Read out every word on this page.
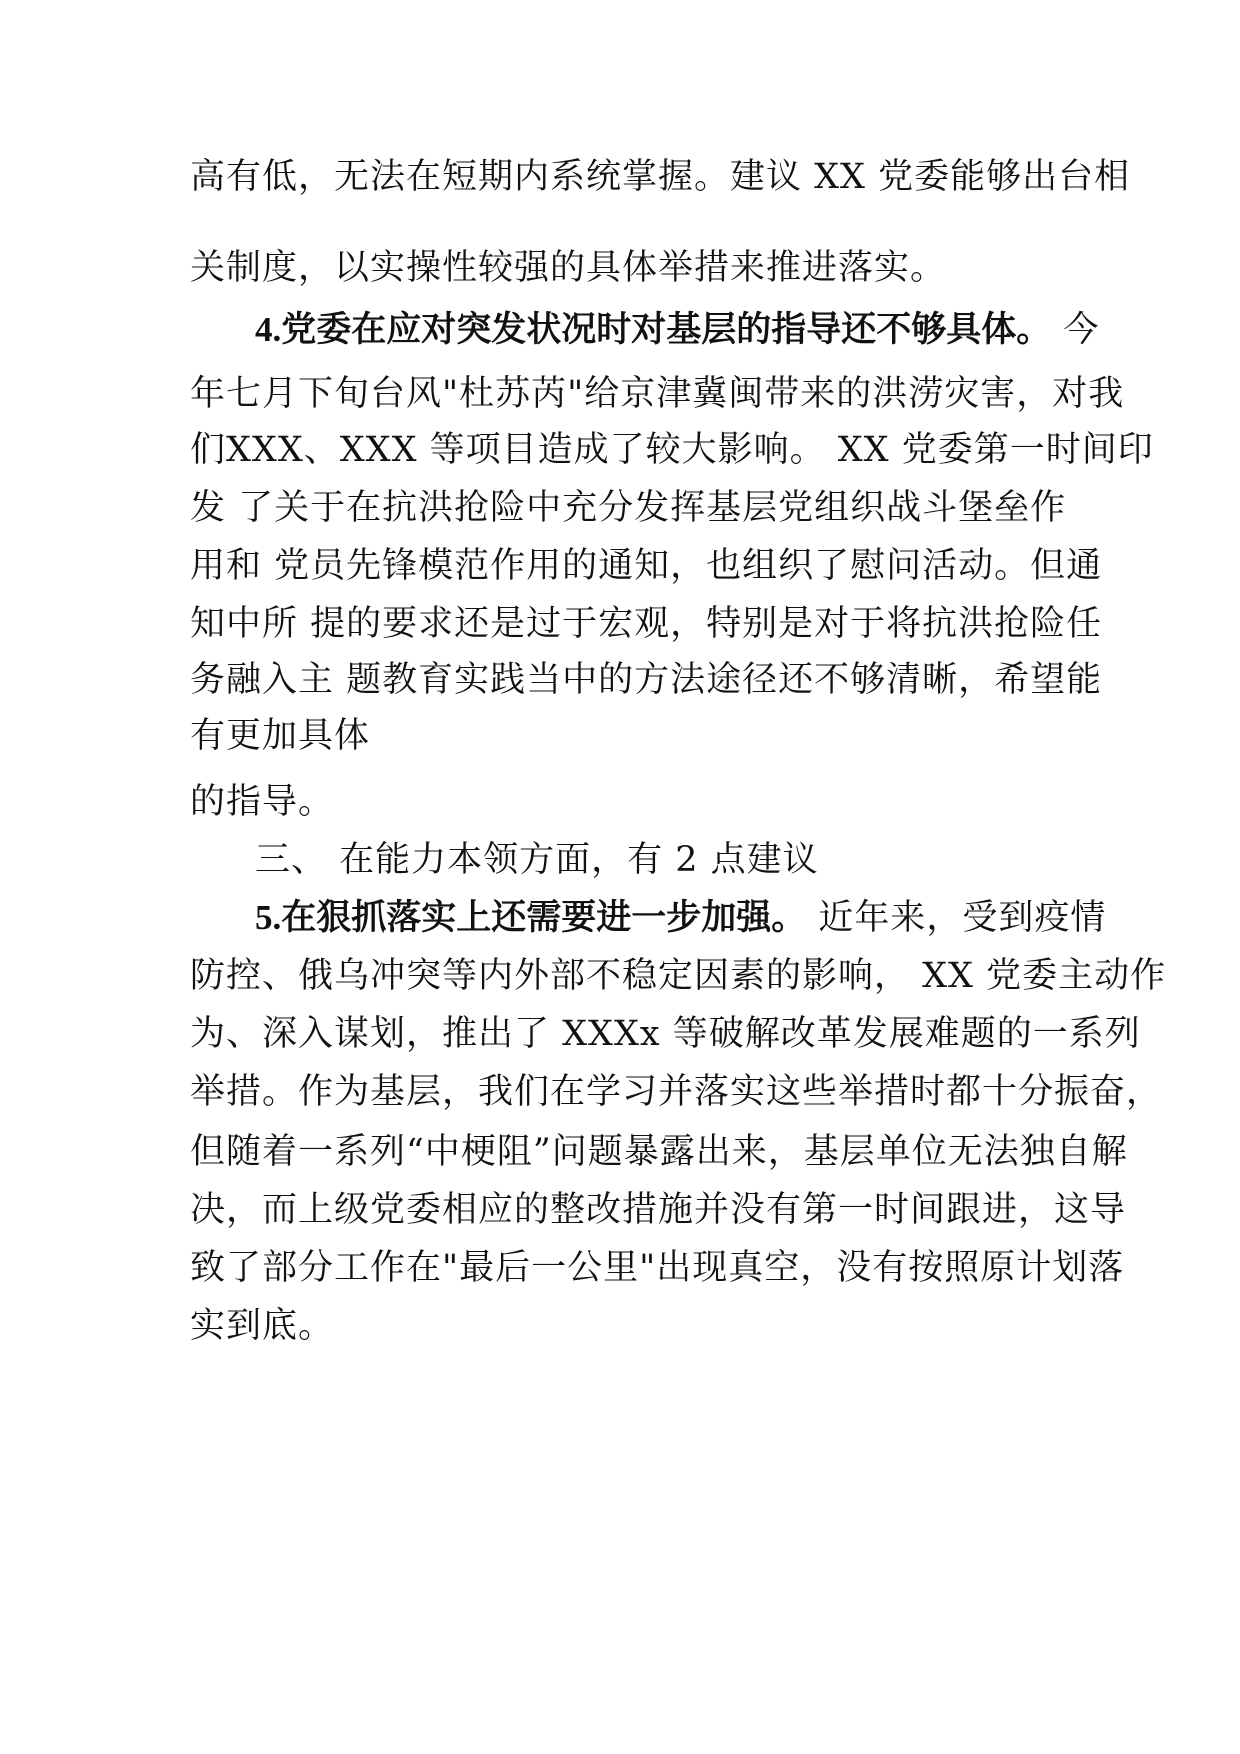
高有低，无法在短期内系统掌握。建议 XX 党委能够出台相
关制度，以实操性较强的具体举措来推进落实。
4.党委在应对突发状况时对基层的指导还不够具体。 今
年七月下旬台风"杜苏芮"给京津冀闽带来的洪涝灾害，对我
们XXX、XXX 等项目造成了较大影响。 XX 党委第一时间印
发 了关于在抗洪抢险中充分发挥基层党组织战斗堡垒作
用和 党员先锋模范作用的通知，也组织了慰问活动。但通
知中所 提的要求还是过于宏观，特别是对于将抗洪抢险任
务融入主 题教育实践当中的方法途径还不够清晰，希望能
有更加具体
的指导。
三、 在能力本领方面，有 2 点建议
5.在狠抓落实上还需要进一步加强。 近年来，受到疫情
防控、俄乌冲突等内外部不稳定因素的影响， XX 党委主动作
为、深入谋划，推出了 XXXx 等破解改革发展难题的一系列
举措。作为基层，我们在学习并落实这些举措时都十分振奋，
但随着一系列“中梗阻”问题暴露出来，基层单位无法独自解
决，而上级党委相应的整改措施并没有第一时间跟进，这导
致了部分工作在"最后一公里"出现真空，没有按照原计划落
实到底。
